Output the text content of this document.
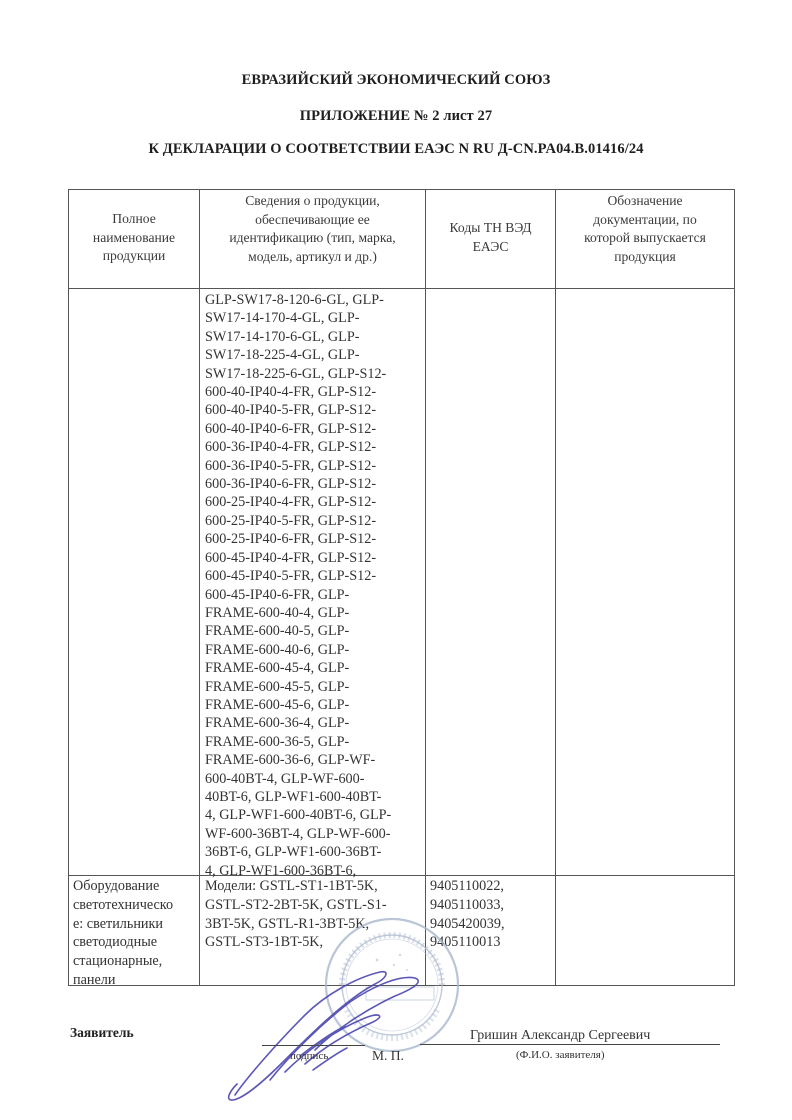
ЕВРАЗИЙСКИЙ ЭКОНОМИЧЕСКИЙ СОЮЗ
ПРИЛОЖЕНИЕ № 2 лист 27
К ДЕКЛАРАЦИИ О СООТВЕТСТВИИ ЕАЭС N RU Д-CN.PA04.B.01416/24
Полное
наименование
продукции
Сведения о продукции,
обеспечивающие ее
идентификацию (тип, марка,
модель, артикул и др.)
Коды ТН ВЭД
ЕАЭС
Обозначение
документации, по
которой выпускается
продукция
GLP-SW17-8-120-6-GL, GLP-
SW17-14-170-4-GL, GLP-
SW17-14-170-6-GL, GLP-
SW17-18-225-4-GL, GLP-
SW17-18-225-6-GL, GLP-S12-
600-40-IP40-4-FR, GLP-S12-
600-40-IP40-5-FR, GLP-S12-
600-40-IP40-6-FR, GLP-S12-
600-36-IP40-4-FR, GLP-S12-
600-36-IP40-5-FR, GLP-S12-
600-36-IP40-6-FR, GLP-S12-
600-25-IP40-4-FR, GLP-S12-
600-25-IP40-5-FR, GLP-S12-
600-25-IP40-6-FR, GLP-S12-
600-45-IP40-4-FR, GLP-S12-
600-45-IP40-5-FR, GLP-S12-
600-45-IP40-6-FR, GLP-
FRAME-600-40-4, GLP-
FRAME-600-40-5, GLP-
FRAME-600-40-6, GLP-
FRAME-600-45-4, GLP-
FRAME-600-45-5, GLP-
FRAME-600-45-6, GLP-
FRAME-600-36-4, GLP-
FRAME-600-36-5, GLP-
FRAME-600-36-6, GLP-WF-
600-40BT-4, GLP-WF-600-
40BT-6, GLP-WF1-600-40BT-
4, GLP-WF1-600-40BT-6, GLP-
WF-600-36BT-4, GLP-WF-600-
36BT-6, GLP-WF1-600-36BT-
4, GLP-WF1-600-36BT-6,
Оборудование
светотехническо
е: светильники
светодиодные
стационарные,
панели
Модели: GSTL-ST1-1BT-5K,
GSTL-ST2-2BT-5K, GSTL-S1-
3BT-5K, GSTL-R1-3BT-5K,
GSTL-ST3-1BT-5K,
9405110022,
9405110033,
9405420039,
9405110013
Заявитель
подпись	М. П.
Гришин Александр Сергеевич
(Ф.И.О. заявителя)
